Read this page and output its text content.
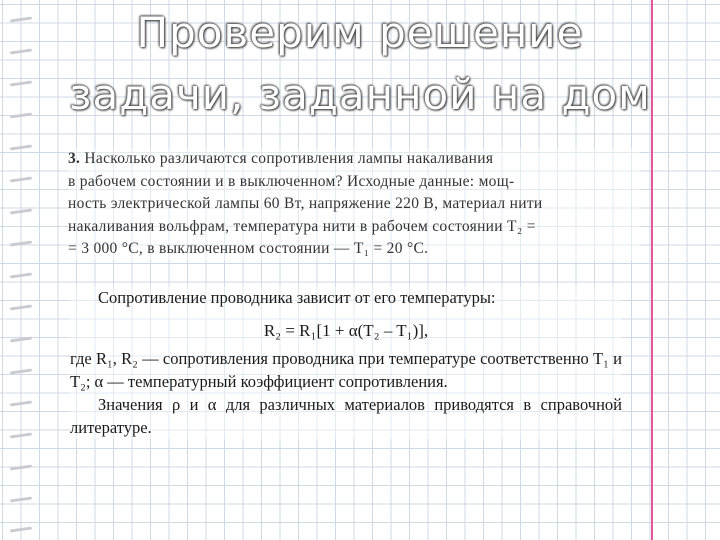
Проверим решение
задачи, заданной на дом

3. Насколько различаются сопротивления лампы накаливания

в рабочем состоянии и в выключенном? Исходные данные: мощ-

ность электрической лампы 60 Вт, напряжение 220 В, материал нити

накаливания вольфрам, температура нити в рабочем состоянии T₂ =

= 3 000 °С, в выключенном состоянии — T₁ = 20 °С.

Сопротивление проводника зависит от его температуры:

R₂ = R₁[1 + α(T₂ – T₁)],

где R₁, R₂ — сопротивления проводника при температуре соответственно T₁ и T₂; α — температурный коэффициент сопротивления.

Значения ρ и α для различных материалов приводятся в справочной литературе.
